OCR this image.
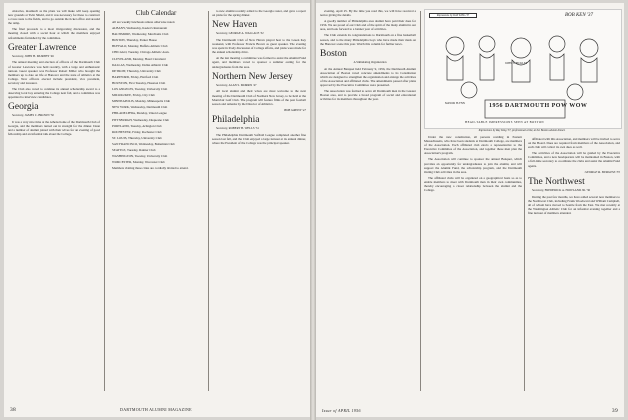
obstacles, inasmuch as the plans we will make will keep opening new grounds at Twin Shield, and it was necessary for these to construct a cross route to the fields, and to go outside the ticket office and around the ramp.

The final proceeds to a most invigorating discussion, and the meeting closed with a social hour at which the members enjoyed refreshments furnished by the committee.

Greater Lawrence

Secretary, JOHN H. MURPHY '46

The annual meeting and election of officers of the Dartmouth Club of Greater Lawrence was held recently, with a large and enthusiastic turnout. Guest speaker was Professor Robert Miller who brought the members up to date on life at Hanover and the state of athletics at the College. New officers elected include president, vice president, secretary and treasurer.

The Club also voted to continue its annual scholarship award to a deserving local boy entering the College next fall, and a committee was appointed to interview candidates.

Georgia

Secretary, JAMES C. BROWN '50

It was a very nice time at the Athens home of the Dartmouth Club of Georgia, and the members turned out in strength for the dinner. Dean and a number of alumni joined with their wives for an evening of good fellowship and an informal talk about the College.

Club Calendar

All are weekly luncheons unless otherwise noted.

ALBANY, Wednesday, Keeler's Restaurant

BALTIMORE, Wednesday, Merchants Club

BOSTON, Thursday, Parker House

BUFFALO, Monday, Buffalo Athletic Club

CHICAGO, Tuesday, Chicago Athletic Assn.

CLEVELAND, Monday, Hotel Cleveland

DALLAS, Wednesday, Dallas Athletic Club

DETROIT, Thursday, University Club

HARTFORD, Friday, Hartford Club

HOUSTON, First Tuesday, Houston Club

LOS ANGELES, Tuesday, University Club

MILWAUKEE, Friday, City Club

MINNEAPOLIS, Monday, Minneapolis Club

NEW YORK, Wednesday, Dartmouth Club

PHILADELPHIA, Monday, Union League

PITTSBURGH, Wednesday, Duquesne Club

PORTLAND, Tuesday, Arlington Club

ROCHESTER, Friday, Rochester Club

ST. LOUIS, Thursday, University Club

SAN FRANCISCO, Wednesday, Bohemian Club

SEATTLE, Tuesday, Rainier Club

WASHINGTON, Tuesday, University Club

WORCESTER, Monday, Worcester Club

Members visiting these cities are cordially invited to attend.

to new alumni recently added to the Georgia roster, and gave a report on plans for the spring dinner.

New Haven

Secretary, GEORGE A. WALLACE '32

The Dartmouth Club of New Haven played host to the Green Key weekend, with Professor Francis Brown as guest speaker. The evening was spent in lively discussion of College affairs, and plans were made for the annual scholarship drive.

At the last meeting a committee was formed to assist the Alumni Fund agent, and members voted to sponsor a summer outing for the undergraduates from the area.

Northern New Jersey

Secretary, ALAN S. MORRIS '47

All local alumni and their wives are most welcome to the next meeting of the Dartmouth Club of Northern New Jersey, to be held at the Montclair Golf Club. The program will feature films of the past football season and remarks by the Director of Athletics.

BOB GREEN '47

Philadelphia

Secretary, ROBERT H. WELLS '31

The Philadelphia Dartmouth Softball League completed another fine season last fall, and the Club enjoyed a large turnout at its annual dinner, where the President of the College was the principal speaker.

38	DARTMOUTH ALUMNI MAGAZINE

evening, April 25. By the time you read this, we will have received a notice giving the details.

A goodly number of Philadelphia area alumni have paid their dues for 1956. We are proud of our Club and of the spirit of the many alumni in our area, and look forward to a banner year of activities.

The Club extends its congratulations to Dartmouth on a fine basketball season, and to the many Philadelphia boys who have made their mark on the Hanover scene this year. Watch this column for further news.

Boston

A Stimulating Organization

At the Annual Banquet held February 9, 1956, the Dartmouth Alumni Association of Boston voted concrete amendments to its Constitution which are designed to strengthen the organization and enlarge the activities of the Association and affiliated clubs. The amendments passed after plans approved by the Executive Committee were presented.

The Association was formed to serve all Dartmouth men in the Greater Boston area, and to provide a broad program of social and educational activities for its members throughout the year.

Under the new constitution, all persons residing in Eastern Massachusetts, who have been students at Dartmouth College, are members of the Association. Each affiliated club elects a representative to the Executive Committee of the Association, and together these men plan the Association's program.

The Association will continue to sponsor the annual Banquet, which provides an opportunity for undergraduates to join the alumni, and will support the Alumni Fund, the scholarship program, and the Dartmouth Outing Club activities in the area.

The affiliated clubs will be organized on a geographical basis so as to enable members to meet with Dartmouth men in their own communities, thereby encouraging a closer relationship between the alumni and the College.

Impressions by RAY KING '37	BOB KEN '37
JOHN S. PICKLEY
MAYOR FLYNN	1956 DARTMOUTH POW WOW
HEAD-TABLE IMPRESSIONS SEEN AT BOSTON
Impressions by Ray King '37, professional artist, at the Boston alumni dinner.

affiliated with this Association, and members will be invited to serve on the Board. Dues are required from members of the Association, and each club will collect its own dues as well.

The activities of the Association will be guided by the Executive Committee, and a new headquarters will be maintained in Boston, with a full-time secretary to coordinate the clubs and assist the Alumni Fund agents.

GEORGE R. BURGESS '35

The Northwest

Secretary, FREDERICK A. HOWLAND JR. '36

During the past few months, we have added several new members to the Northwest Club, including Frank Woodward and William Campbell, all of whom have moved to Seattle from the East. We met recently at the Washington Athletic Club for an informal evening together and a fine turnout of members attended.

Issue of APRIL 1956	39
